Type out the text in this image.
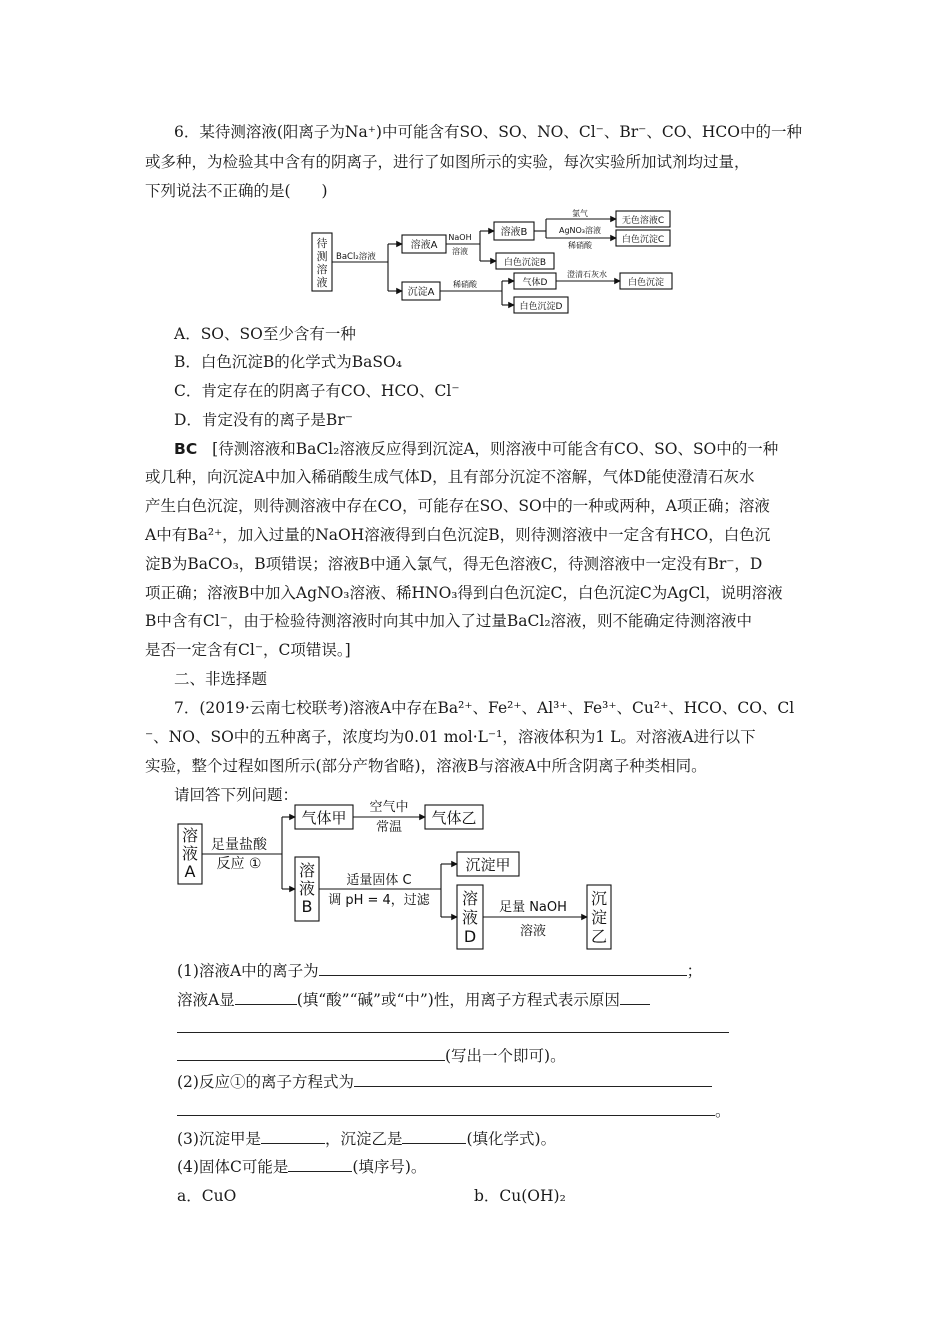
6．某待测溶液(阳离子为Na⁺)中可能含有SO、SO、NO、Cl⁻、Br⁻、CO、HCO中的一种
或多种，为检验其中含有的阴离子，进行了如图所示的实验，每次实验所加试剂均过量，
下列说法不正确的是(　　)
待
测
溶
液
BaCl₂溶液
溶液A
沉淀A
NaOH
溶液
溶液B
氯气
AgNO₃溶液
稀硝酸
无色溶液C
白色沉淀C
白色沉淀B
稀硝酸	气体D
澄清石灰水
白色沉淀
白色沉淀D
A．SO、SO至少含有一种
B．白色沉淀B的化学式为BaSO₄
C．肯定存在的阴离子有CO、HCO、Cl⁻
D．肯定没有的离子是Br⁻
BC [待测溶液和BaCl₂溶液反应得到沉淀A，则溶液中可能含有CO、SO、SO中的一种
或几种，向沉淀A中加入稀硝酸生成气体D，且有部分沉淀不溶解，气体D能使澄清石灰水
产生白色沉淀，则待测溶液中存在CO，可能存在SO、SO中的一种或两种，A项正确；溶液
A中有Ba²⁺，加入过量的NaOH溶液得到白色沉淀B，则待测溶液中一定含有HCO，白色沉
淀B为BaCO₃，B项错误；溶液B中通入氯气，得无色溶液C，待测溶液中一定没有Br⁻，D
项正确；溶液B中加入AgNO₃溶液、稀HNO₃得到白色沉淀C，白色沉淀C为AgCl，说明溶液
B中含有Cl⁻，由于检验待测溶液时向其中加入了过量BaCl₂溶液，则不能确定待测溶液中
是否一定含有Cl⁻，C项错误。]
二、非选择题
7．(2019·云南七校联考)溶液A中存在Ba²⁺、Fe²⁺、Al³⁺、Fe³⁺、Cu²⁺、HCO、CO、Cl
⁻、NO、SO中的五种离子，浓度均为0.01 mol·L⁻¹，溶液体积为1 L。对溶液A进行以下
实验，整个过程如图所示(部分产物省略)，溶液B与溶液A中所含阴离子种类相同。
请回答下列问题：
溶
液
A
足量盐酸
反应 ①
气体甲
空气中
常温
气体乙
溶
液
B
适量固体 C
调 pH = 4，过滤
沉淀甲
溶
液
D
足量 NaOH
溶液
沉
淀
乙
(1)溶液A中的离子为	；
溶液A显	(填“酸”“碱”或“中”)性，用离子方程式表示原因
(写出一个即可)。
(2)反应①的离子方程式为
。
(3)沉淀甲是	，沉淀乙是	(填化学式)。
(4)固体C可能是	(填序号)。
a．CuO	b．Cu(OH)₂
